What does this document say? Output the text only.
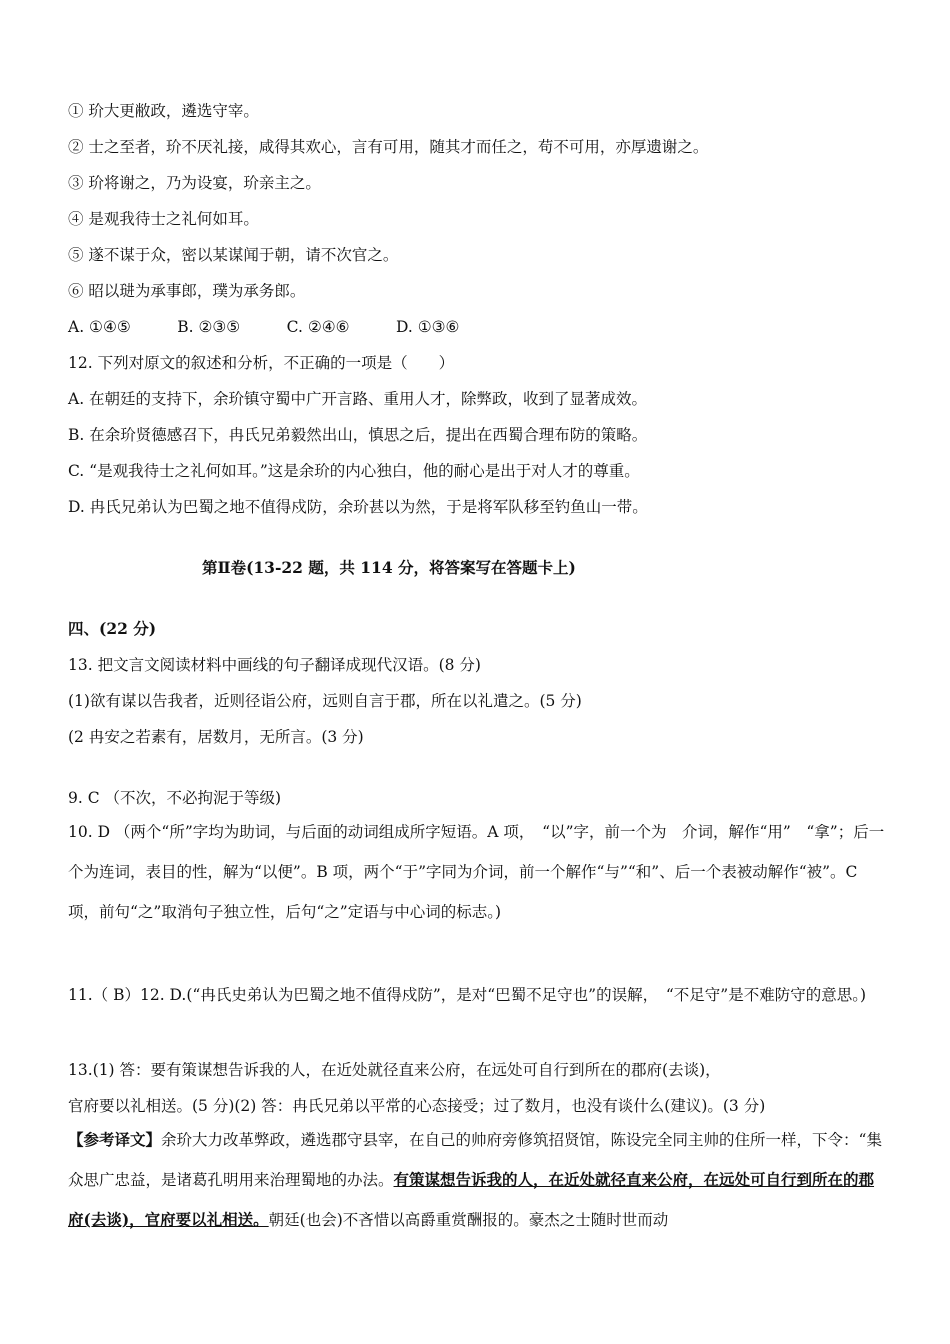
① 玠大更敝政，遴选守宰。
② 士之至者，玠不厌礼接，咸得其欢心，言有可用，随其才而任之，苟不可用，亦厚遗谢之。
③ 玠将谢之，乃为设宴，玠亲主之。
④ 是观我待士之礼何如耳。
⑤ 遂不谋于众，密以某谋闻于朝，请不次官之。
⑥ 昭以琎为承事郎，璞为承务郎。
A. ①④⑤　　　B. ②③⑤　　　C. ②④⑥　　　D. ①③⑥
12. 下列对原文的叙述和分析，不正确的一项是（　　）
A. 在朝廷的支持下，余玠镇守蜀中广开言路、重用人才，除弊政，收到了显著成效。
B. 在余玠贤德感召下，冉氏兄弟毅然出山，慎思之后，提出在西蜀合理布防的策略。
C. “是观我待士之礼何如耳。”这是余玠的内心独白，他的耐心是出于对人才的尊重。
D. 冉氏兄弟认为巴蜀之地不值得戍防，余玠甚以为然，于是将军队移至钓鱼山一带。
第Ⅱ卷(13-22 题，共 114 分，将答案写在答题卡上)
四、(22 分)
13. 把文言文阅读材料中画线的句子翻译成现代汉语。(8 分)
(1)欲有谋以告我者，近则径诣公府，远则自言于郡，所在以礼遣之。(5 分)
(2 冉安之若素有，居数月，无所言。(3 分)
9. C （不次，不必拘泥于等级)
10. D （两个“所”字均为助词，与后面的动词组成所字短语。A 项，　“以”字，前一个为　介词，解作“用”　“拿”；后一个为连词，表目的性，解为“以便”。B 项，两个“于”字同为介词，前一个解作“与”“和”、后一个表被动解作“被”。C 项，前句“之”取消句子独立性，后句“之”定语与中心词的标志。)
11.（ B）12. D.(“冉氏史弟认为巴蜀之地不值得戍防”，是对“巴蜀不足守也”的误解，　“不足守”是不难防守的意思。)
13.(1) 答：要有策谋想告诉我的人，在近处就径直来公府，在远处可自行到所在的郡府(去谈)，
官府要以礼相送。(5 分)(2) 答：冉氏兄弟以平常的心态接受；过了数月，也没有谈什么(建议)。(3 分)
【参考译文】余玠大力改革弊政，遴选郡守县宰，在自己的帅府旁修筑招贤馆，陈设完全同主帅的住所一样，下令：“集众思广忠益，是诸葛孔明用来治理蜀地的办法。有策谋想告诉我的人，在近处就径直来公府，在远处可自行到所在的郡府(去谈)，官府要以礼相送。朝廷(也会)不吝惜以高爵重赏酬报的。豪杰之士随时世而动
